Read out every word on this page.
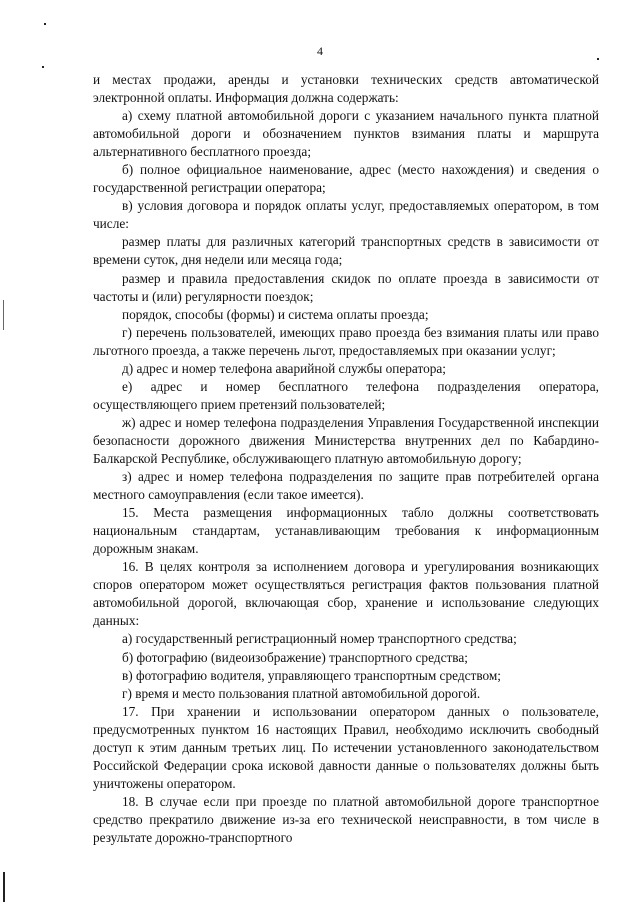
4

и местах продажи, аренды и установки технических средств автоматической электронной оплаты. Информация должна содержать:

а) схему платной автомобильной дороги с указанием начального пункта платной автомобильной дороги и обозначением пунктов взимания платы и маршрута альтернативного бесплатного проезда;

б) полное официальное наименование, адрес (место нахождения) и сведения о государственной регистрации оператора;

в) условия договора и порядок оплаты услуг, предоставляемых оператором, в том числе:

размер платы для различных категорий транспортных средств в зависимости от времени суток, дня недели или месяца года;

размер и правила предоставления скидок по оплате проезда в зависимости от частоты и (или) регулярности поездок;

порядок, способы (формы) и система оплаты проезда;

г) перечень пользователей, имеющих право проезда без взимания платы или право льготного проезда, а также перечень льгот, предоставляемых при оказании услуг;

д) адрес и номер телефона аварийной службы оператора;

е) адрес и номер бесплатного телефона подразделения оператора, осуществляющего прием претензий пользователей;

ж) адрес и номер телефона подразделения Управления Государственной инспекции безопасности дорожного движения Министерства внутренних дел по Кабардино-Балкарской Республике, обслуживающего платную автомобильную дорогу;

з) адрес и номер телефона подразделения по защите прав потребителей органа местного самоуправления (если такое имеется).

15. Места размещения информационных табло должны соответствовать национальным стандартам, устанавливающим требования к информационным дорожным знакам.

16. В целях контроля за исполнением договора и урегулирования возникающих споров оператором может осуществляться регистрация фактов пользования платной автомобильной дорогой, включающая сбор, хранение и использование следующих данных:

а) государственный регистрационный номер транспортного средства;

б) фотографию (видеоизображение) транспортного средства;

в) фотографию водителя, управляющего транспортным средством;

г) время и место пользования платной автомобильной дорогой.

17. При хранении и использовании оператором данных о пользователе, предусмотренных пунктом 16 настоящих Правил, необходимо исключить свободный доступ к этим данным третьих лиц. По истечении установленного законодательством Российской Федерации срока исковой давности данные о пользователях должны быть уничтожены оператором.

18. В случае если при проезде по платной автомобильной дороге транспортное средство прекратило движение из-за его технической неисправности, в том числе в результате дорожно-транспортного
